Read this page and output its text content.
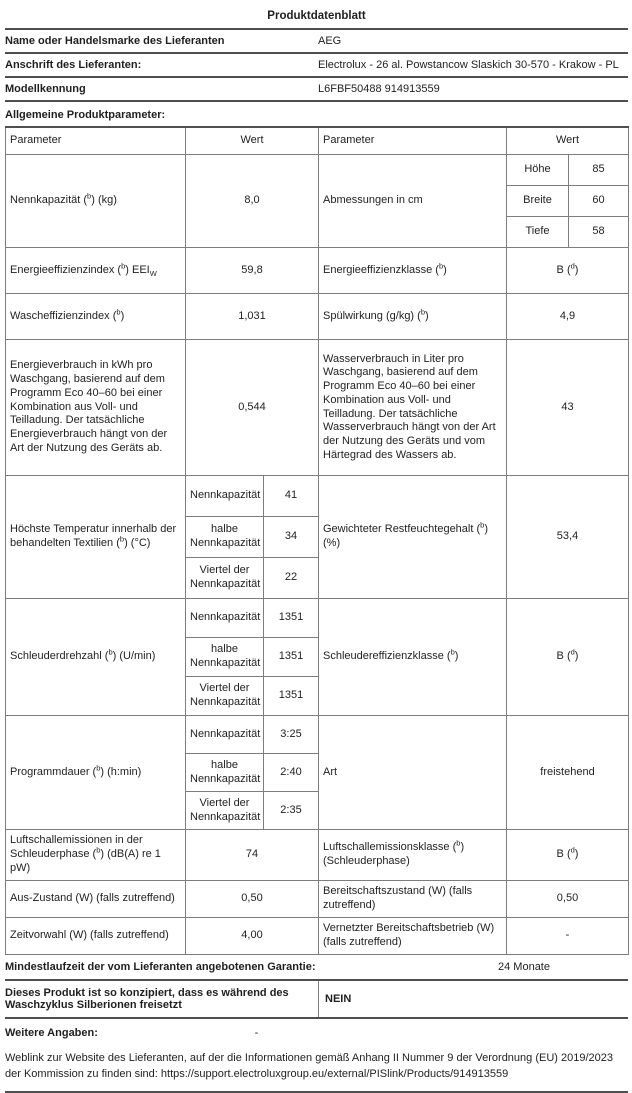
Produktdatenblatt
Name oder Handelsmarke des Lieferanten	AEG
Anschrift des Lieferanten:	Electrolux - 26 al. Powstancow Slaskich 30-570 - Krakow - PL
Modellkennung	L6FBF50488 914913559
Allgemeine Produktparameter:
Parameter	Wert		Parameter	Wert	
Nennkapazität ($^b$) (kg)	8,0		Abmessungen in cm	Höhe	85
				Breite	60
				Tiefe	58
Energieeffizienzindex ($^b$) $EEI_W$	59,8		Energieeffizienzklasse ($^b$)	B ($^d$)	
Wascheffizienzindex ($^b$)	1,031		Spülwirkung (g/kg) ($^b$)	4,9	
Energieverbrauch in kWh pro Waschgang, basierend auf dem Programm Eco 40–60 bei einer Kombination aus Voll- und Teilladung. Der tatsächliche Energieverbrauch hängt von der Art der Nutzung des Geräts ab.	0,544	Wasserverbrauch in Liter pro Waschgang, basierend auf dem Programm Eco 40–60 bei einer Kombination aus Voll- und Teilladung. Der tatsächliche Wasserverbrauch hängt von der Art der Nutzung des Geräts und vom Härtegrad des Wassers ab.	43
Höchste Temperatur innerhalb der behandelten Textilien ($^b$) (°C)	Nennkapazität	41	Gewichteter Restfeuchtegehalt ($^b$) (%)	53,4	
	halbe Nennkapazität	34			
	Viertel der Nennkapazität	22			
Schleuderdrehzahl ($^b$) (U/min)	Nennkapazität	1351	Schleudereffizienzklasse ($^b$)	B ($^d$)	
	halbe Nennkapazität	1351			
	Viertel der Nennkapazität	1351			
Programmdauer ($^b$) (h:min)	Nennkapazität	3:25	Art	freistehend	
	halbe Nennkapazität	2:40			
	Viertel der Nennkapazität	2:35			
Luftschallemissionen in der Schleuderphase ($^b$) (dB(A) re 1 pW)	74		Luftschallemissionsklasse ($^b$) (Schleuderphase)	B ($^d$)	
Aus-Zustand (W) (falls zutreffend)	0,50		Bereitschaftszustand (W) (falls zutreffend)	0,50	
Zeitvorwahl (W) (falls zutreffend)	4,00		Vernetzter Bereitschaftsbetrieb (W) (falls zutreffend)	-	
Mindestlaufzeit der vom Lieferanten angebotenen Garantie:	24 Monate
Dieses Produkt ist so konzipiert, dass es während des Waschzyklus Silberionen freisetzt	NEIN
Weitere Angaben:	-
Weblink zur Website des Lieferanten, auf der die Informationen gemäß Anhang II Nummer 9 der Verordnung (EU) 2019/2023 der Kommission zu finden sind: https://support.electroluxgroup.eu/external/PISlink/Products/914913559
